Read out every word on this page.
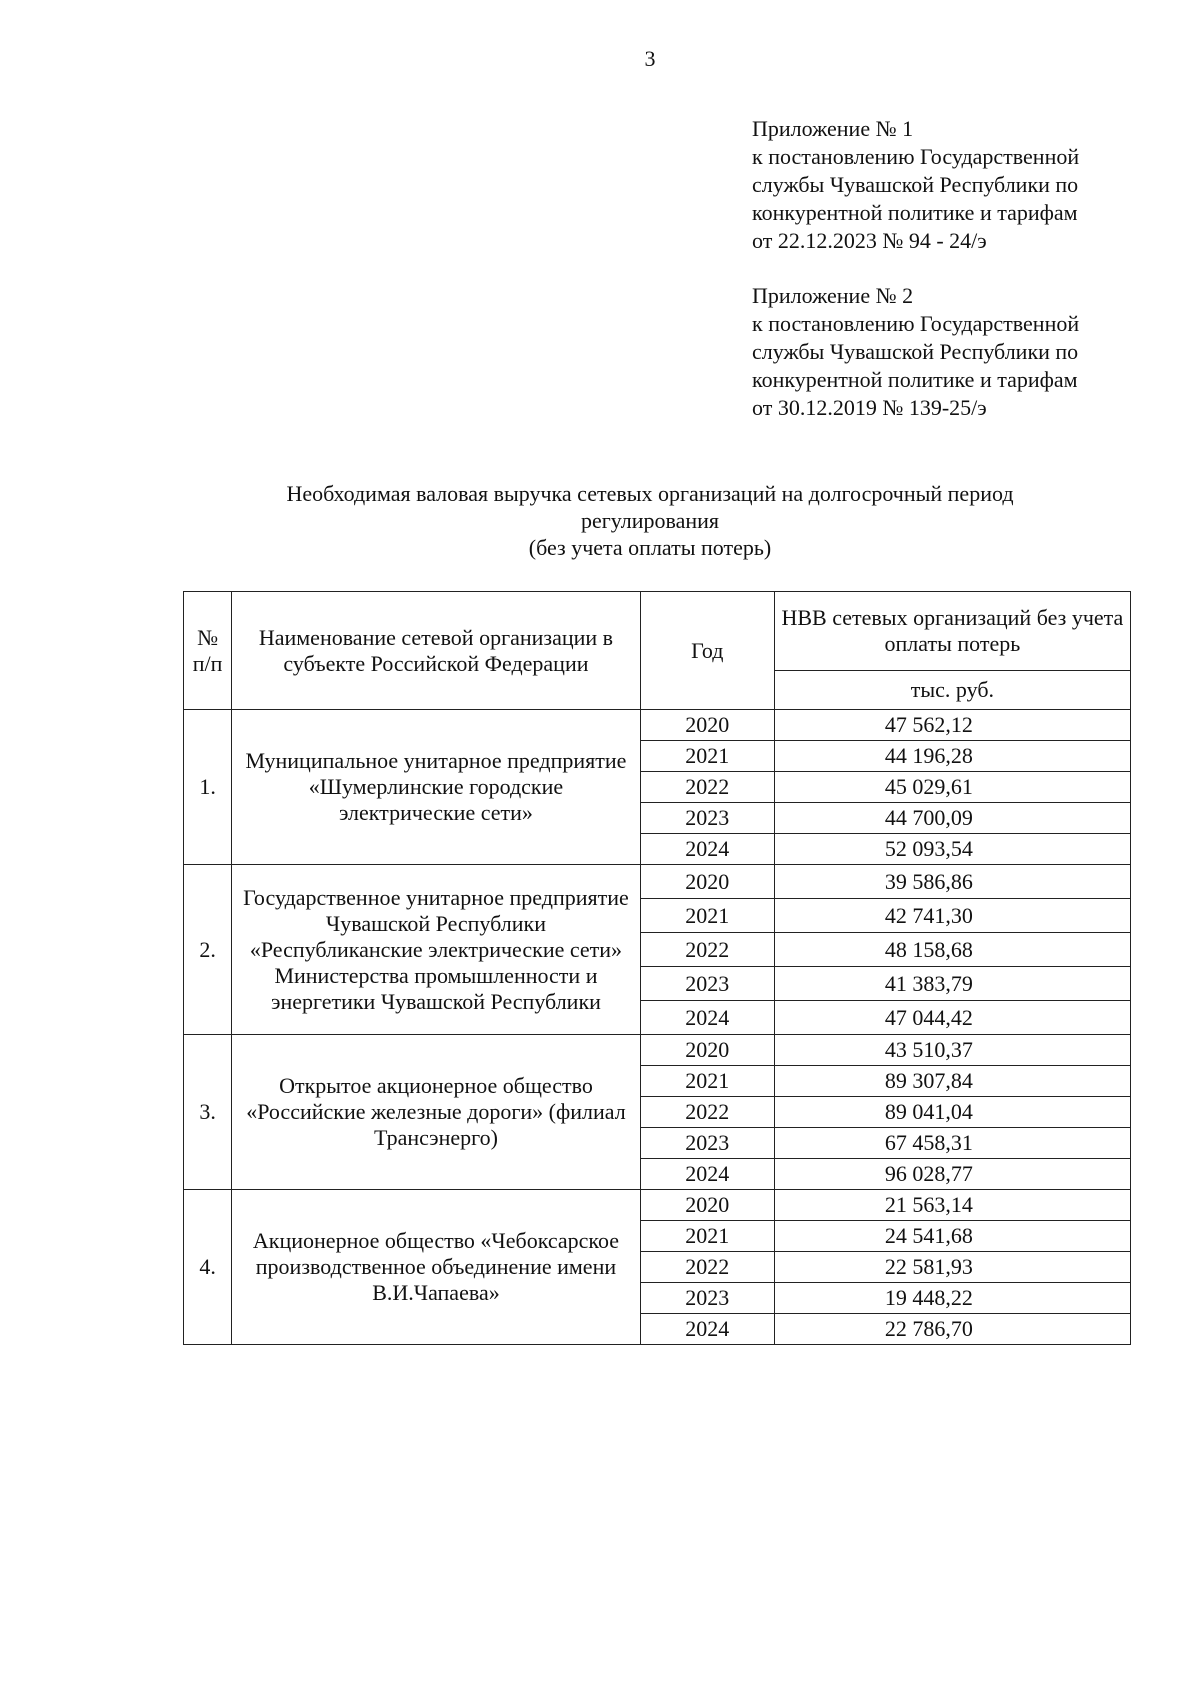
3
Приложение № 1
к постановлению Государственной
службы Чувашской Республики по
конкурентной политике и тарифам
от 22.12.2023 № 94 - 24/э
Приложение № 2
к постановлению Государственной
службы Чувашской Республики по
конкурентной политике и тарифам
от 30.12.2019 № 139-25/э
Необходимая валовая выручка сетевых организаций на долгосрочный период
регулирования
(без учета оплаты потерь)
№ п/п	Наименование сетевой организации в субъекте Российской Федерации	Год	НВВ сетевых организаций без учета оплаты потерь
			тыс. руб.
1.	Муниципальное унитарное предприятие «Шумерлинские городские электрические сети»	2020	47 562,12
		2021	44 196,28
		2022	45 029,61
		2023	44 700,09
		2024	52 093,54
2.	Государственное унитарное предприятие Чувашской Республики «Республиканские электрические сети» Министерства промышленности и энергетики Чувашской Республики	2020	39 586,86
		2021	42 741,30
		2022	48 158,68
		2023	41 383,79
		2024	47 044,42
3.	Открытое акционерное общество «Российские железные дороги» (филиал Трансэнерго)	2020	43 510,37
		2021	89 307,84
		2022	89 041,04
		2023	67 458,31
		2024	96 028,77
4.	Акционерное общество «Чебоксарское производственное объединение имени В.И.Чапаева»	2020	21 563,14
		2021	24 541,68
		2022	22 581,93
		2023	19 448,22
		2024	22 786,70
